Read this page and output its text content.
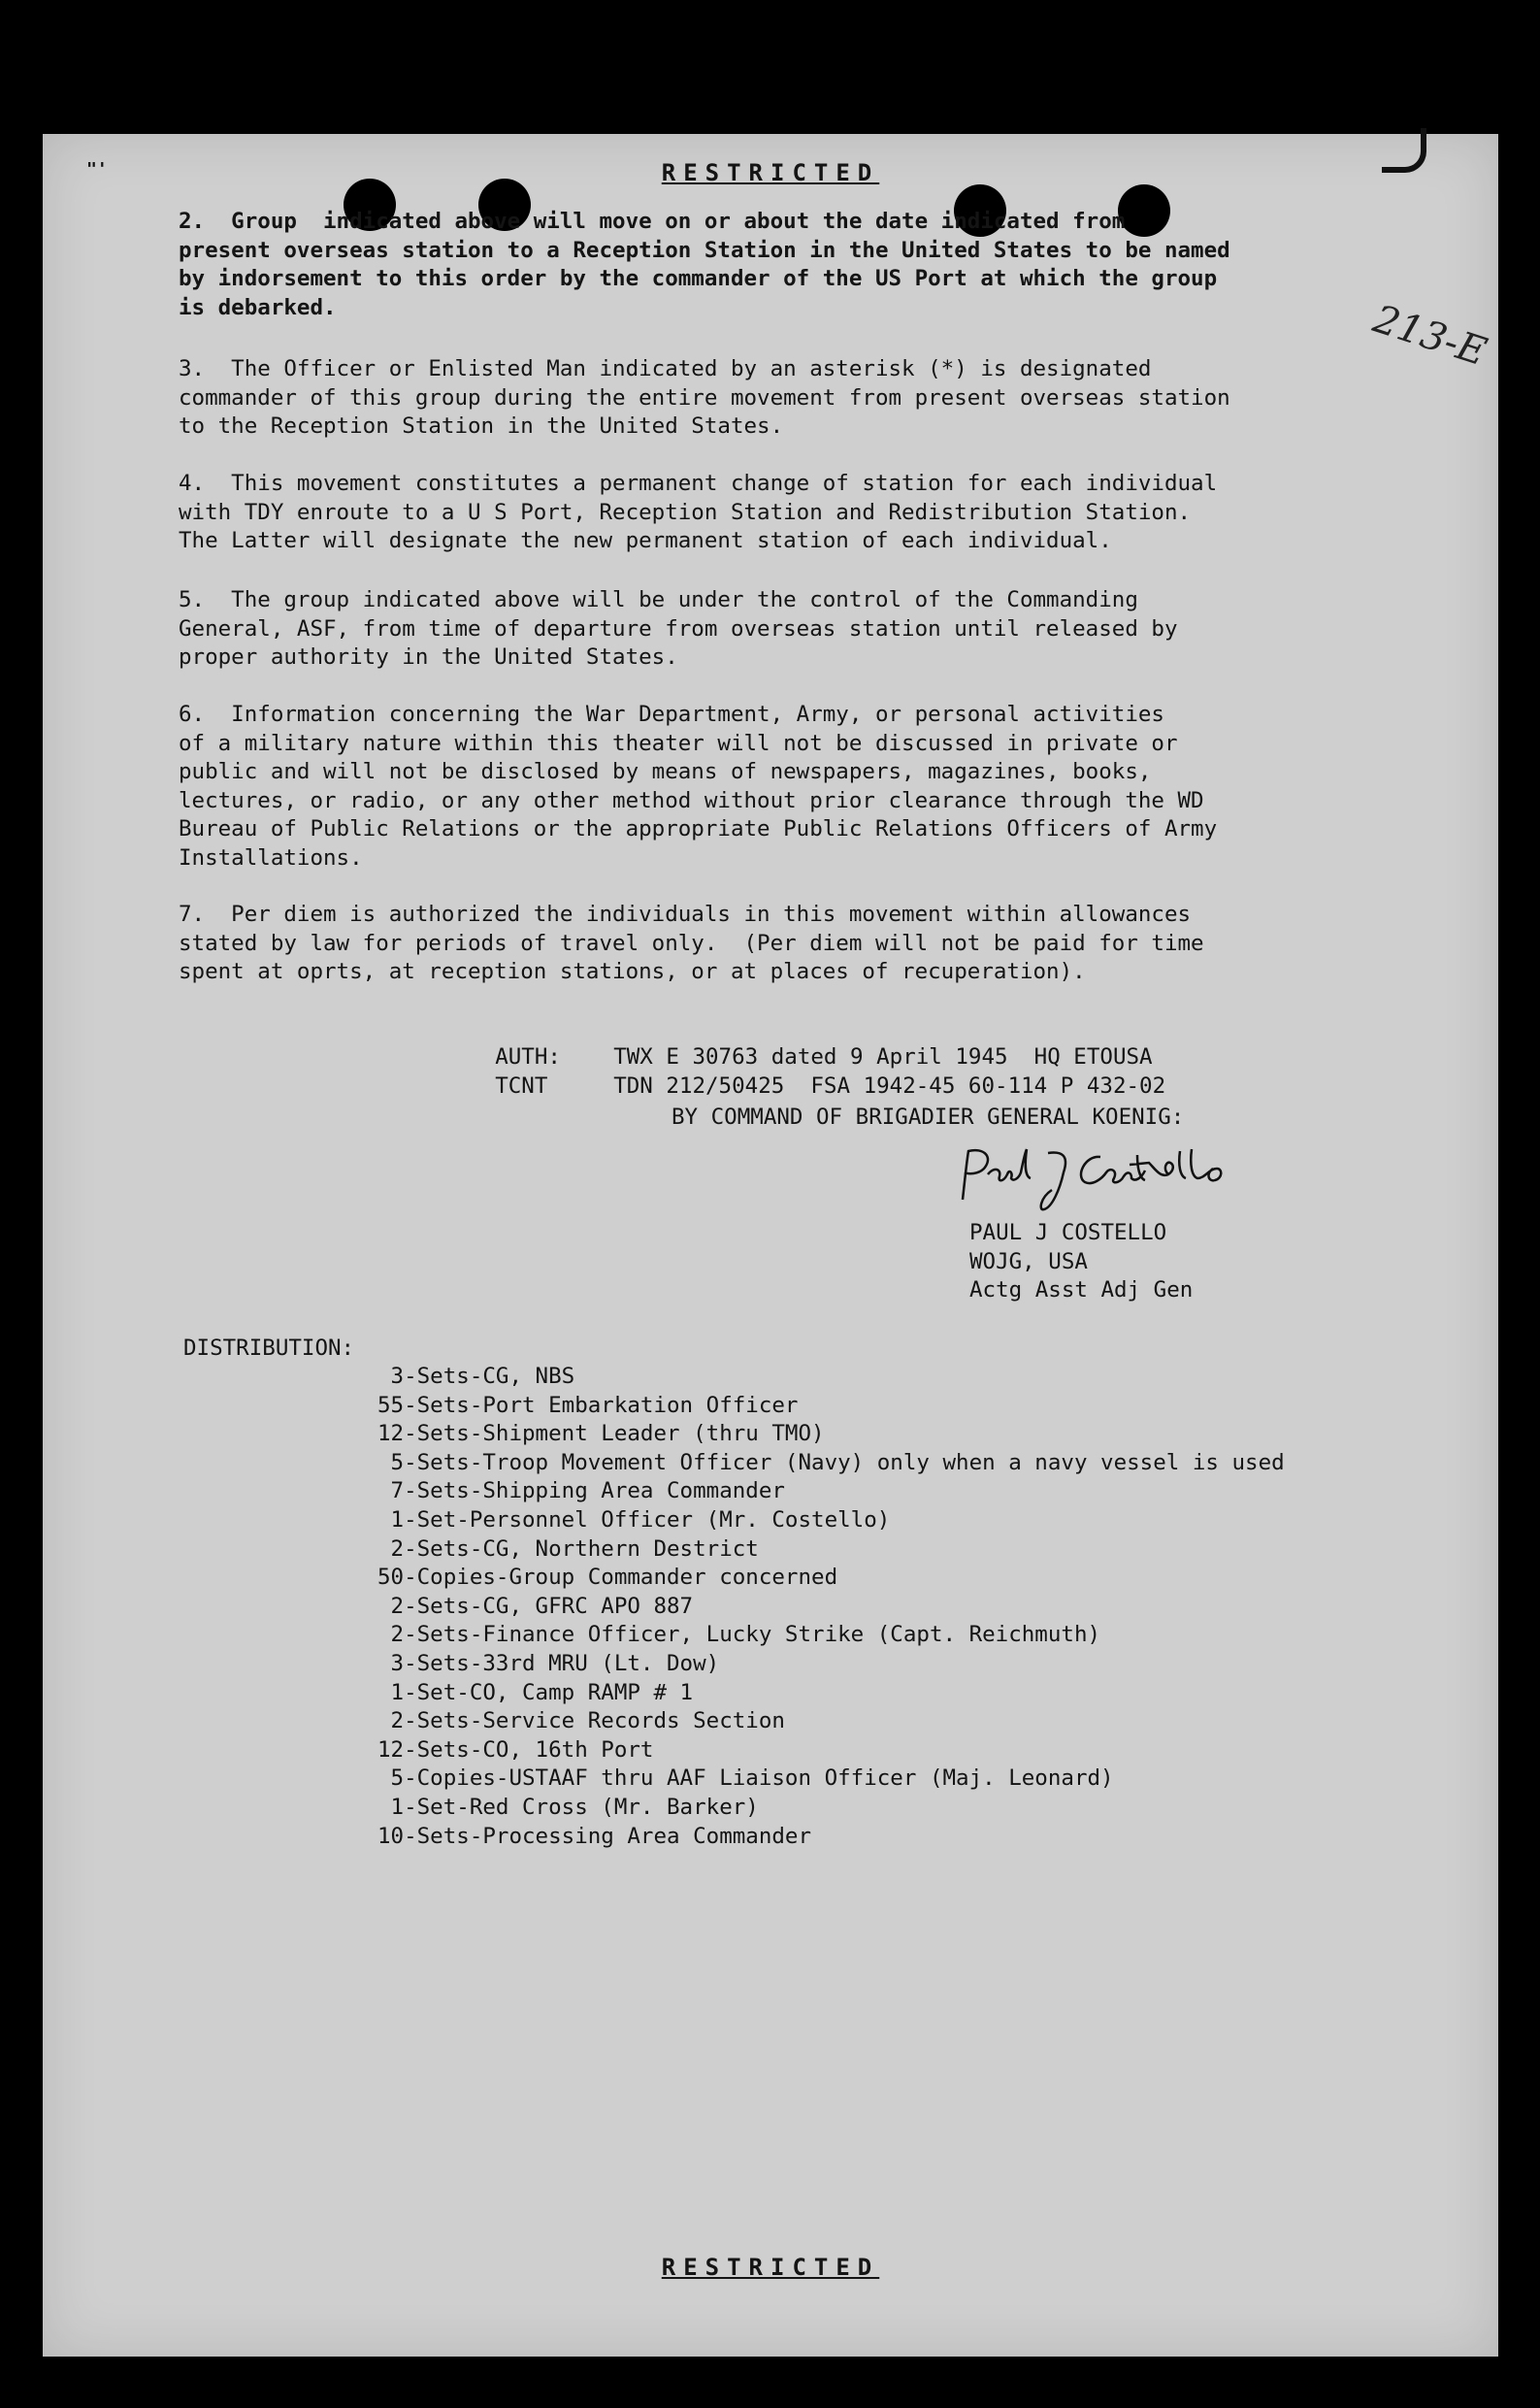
"'	RESTRICTED
213-E
2.  Group  indicated above will move on or about the date indicated from
present overseas station to a Reception Station in the United States to be named
by indorsement to this order by the commander of the US Port at which the group
is debarked.
3.  The Officer or Enlisted Man indicated by an asterisk (*) is designated
commander of this group during the entire movement from present overseas station
to the Reception Station in the United States.
4.  This movement constitutes a permanent change of station for each individual
with TDY enroute to a U S Port, Reception Station and Redistribution Station.
The Latter will designate the new permanent station of each individual.
5.  The group indicated above will be under the control of the Commanding
General, ASF, from time of departure from overseas station until released by
proper authority in the United States.
6.  Information concerning the War Department, Army, or personal activities
of a military nature within this theater will not be discussed in private or
public and will not be disclosed by means of newspapers, magazines, books,
lectures, or radio, or any other method without prior clearance through the WD
Bureau of Public Relations or the appropriate Public Relations Officers of Army
Installations.
7.  Per diem is authorized the individuals in this movement within allowances
stated by law for periods of travel only.  (Per diem will not be paid for time
spent at oprts, at reception stations, or at places of recuperation).

AUTH: TWX E 30763 dated 9 April 1945  HQ ETOUSA

TCNT	TDN 212/50425  FSA 1942-45 60-114 P 432-02

BY COMMAND OF BRIGADIER GENERAL KOENIG:
PAUL J COSTELLO
WOJG, USA
Actg Asst Adj Gen
DISTRIBUTION:
3-Sets-CG, NBS
55-Sets-Port Embarkation Officer
12-Sets-Shipment Leader (thru TMO)
5-Sets-Troop Movement Officer (Navy) only when a navy vessel is used
7-Sets-Shipping Area Commander
1-Set-Personnel Officer (Mr. Costello)
2-Sets-CG, Northern Destrict
50-Copies-Group Commander concerned
2-Sets-CG, GFRC APO 887
2-Sets-Finance Officer, Lucky Strike (Capt. Reichmuth)
3-Sets-33rd MRU (Lt. Dow)
1-Set-CO, Camp RAMP # 1
2-Sets-Service Records Section
12-Sets-CO, 16th Port
5-Copies-USTAAF thru AAF Liaison Officer (Maj. Leonard)
1-Set-Red Cross (Mr. Barker)
10-Sets-Processing Area Commander
RESTRICTED
